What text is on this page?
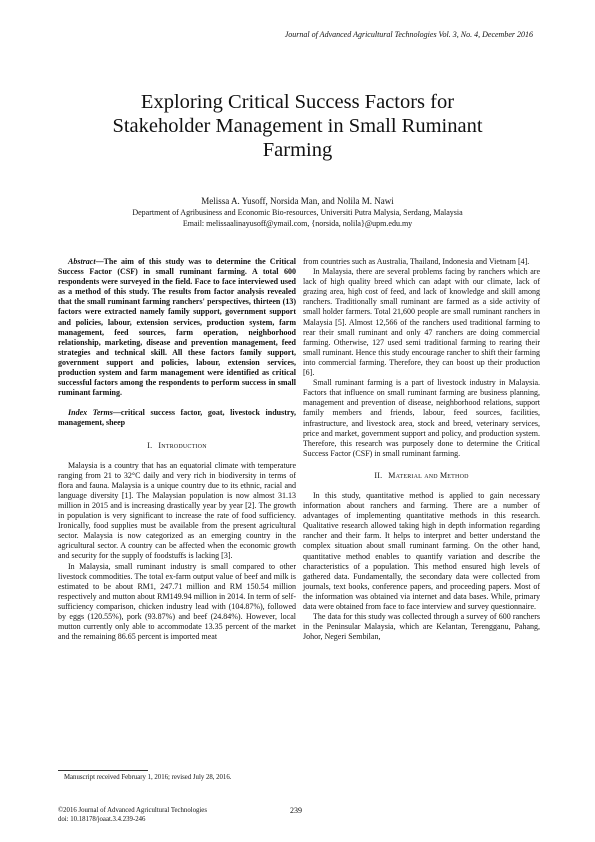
Journal of Advanced Agricultural Technologies Vol. 3, No. 4, December 2016
Exploring Critical Success Factors for
Stakeholder Management in Small Ruminant
Farming
Melissa A. Yusoff, Norsida Man, and Nolila M. Nawi
Department of Agribusiness and Economic Bio-resources, Universiti Putra Malysia, Serdang, Malaysia
Email: melissaalinayusoff@ymail.com, {norsida, nolila}@upm.edu.my

Abstract—The aim of this study was to determine the Critical Success Factor (CSF) in small ruminant farming. A total 600 respondents were surveyed in the field. Face to face interviewed used as a method of this study. The results from factor analysis revealed that the small ruminant farming ranchers' perspectives, thirteen (13) factors were extracted namely family support, government support and policies, labour, extension services, production system, farm management, feed sources, farm operation, neighborhood relationship, marketing, disease and prevention management, feed strategies and technical skill. All these factors family support, government support and policies, labour, extension services, production system and farm management were identified as critical successful factors among the respondents to perform success in small ruminant farming.

Index Terms—critical success factor, goat, livestock industry, management, sheep

I. Introduction

Malaysia is a country that has an equatorial climate with temperature ranging from 21 to 32°C daily and very rich in biodiversity in terms of flora and fauna. Malaysia is a unique country due to its ethnic, racial and language diversity [1]. The Malaysian population is now almost 31.13 million in 2015 and is increasing drastically year by year [2]. The growth in population is very significant to increase the rate of food sufficiency. Ironically, food supplies must be available from the present agricultural sector. Malaysia is now categorized as an emerging country in the agricultural sector. A country can be affected when the economic growth and security for the supply of foodstuffs is lacking [3].

In Malaysia, small ruminant industry is small compared to other livestock commodities. The total ex-farm output value of beef and milk is estimated to be about RM1, 247.71 million and RM 150.54 million respectively and mutton about RM149.94 million in 2014. In term of self-sufficiency comparison, chicken industry lead with (104.87%), followed by eggs (120.55%), pork (93.87%) and beef (24.84%). However, local mutton currently only able to accommodate 13.35 percent of the market and the remaining 86.65 percent is imported meat

from countries such as Australia, Thailand, Indonesia and Vietnam [4].

In Malaysia, there are several problems facing by ranchers which are lack of high quality breed which can adapt with our climate, lack of grazing area, high cost of feed, and lack of knowledge and skill among ranchers. Traditionally small ruminant are farmed as a side activity of small holder farmers. Total 21,600 people are small ruminant ranchers in Malaysia [5]. Almost 12,566 of the ranchers used traditional farming to rear their small ruminant and only 47 ranchers are doing commercial farming. Otherwise, 127 used semi traditional farming to rearing their small ruminant. Hence this study encourage rancher to shift their farming into commercial farming. Therefore, they can boost up their production [6].

Small ruminant farming is a part of livestock industry in Malaysia. Factors that influence on small ruminant farming are business planning, management and prevention of disease, neighborhood relations, support family members and friends, labour, feed sources, facilities, infrastructure, and livestock area, stock and breed, veterinary services, price and market, government support and policy, and production system. Therefore, this research was purposely done to determine the Critical Success Factor (CSF) in small ruminant farming.

II. Material and Method

In this study, quantitative method is applied to gain necessary information about ranchers and farming. There are a number of advantages of implementing quantitative methods in this research. Qualitative research allowed taking high in depth information regarding rancher and their farm. It helps to interpret and better understand the complex situation about small ruminant farming. On the other hand, quantitative method enables to quantify variation and describe the characteristics of a population. This method ensured high levels of gathered data. Fundamentally, the secondary data were collected from journals, text books, conference papers, and proceeding papers. Most of the information was obtained via internet and data bases. While, primary data were obtained from face to face interview and survey questionnaire.

The data for this study was collected through a survey of 600 ranchers in the Peninsular Malaysia, which are Kelantan, Terengganu, Pahang, Johor, Negeri Sembilan,

Manuscript received February 1, 2016; revised July 28, 2016.
©2016 Journal of Advanced Agricultural Technologies
doi: 10.18178/joaat.3.4.239-246
239
